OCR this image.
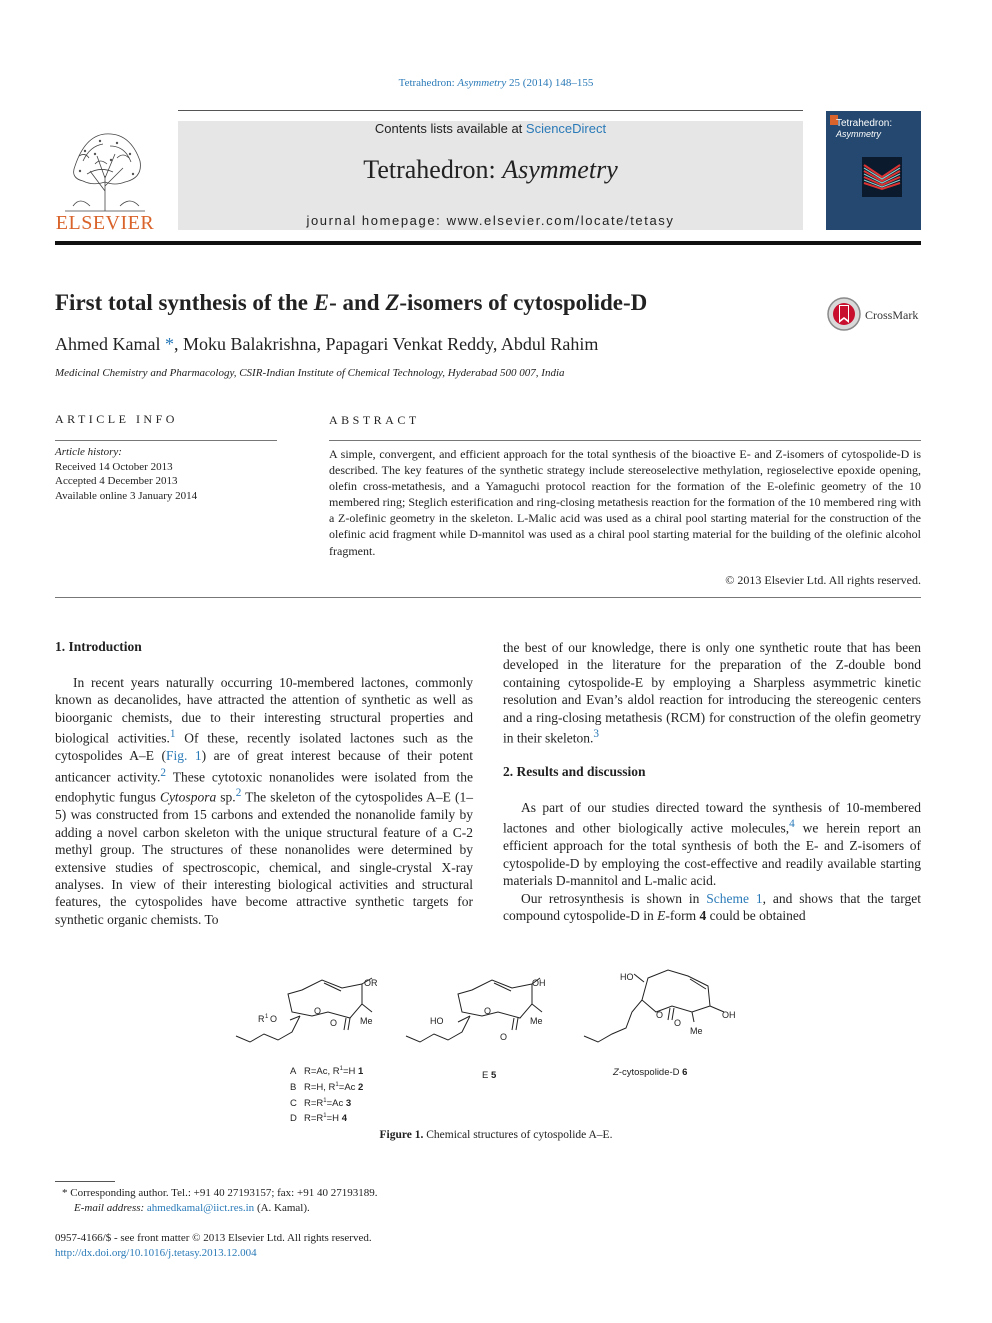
Tetrahedron: Asymmetry 25 (2014) 148–155
ELSEVIER
Contents lists available at ScienceDirect
Tetrahedron: Asymmetry
journal homepage: www.elsevier.com/locate/tetasy
Tetrahedron:
Asymmetry
First total synthesis of the E- and Z-isomers of cytospolide-D	CrossMark
Ahmed Kamal *, Moku Balakrishna, Papagari Venkat Reddy, Abdul Rahim
Medicinal Chemistry and Pharmacology, CSIR-Indian Institute of Chemical Technology, Hyderabad 500 007, India
ARTICLE INFO
Article history:
Received 14 October 2013
Accepted 4 December 2013
Available online 3 January 2014
ABSTRACT
A simple, convergent, and efficient approach for the total synthesis of the bioactive E- and Z-isomers of cytospolide-D is described. The key features of the synthetic strategy include stereoselective methylation, regioselective epoxide opening, olefin cross-metathesis, and a Yamaguchi protocol reaction for the formation of the E-olefinic geometry of the 10 membered ring; Steglich esterification and ring-closing metathesis reaction for the formation of the 10 membered ring with a Z-olefinic geometry in the skeleton. L-Malic acid was used as a chiral pool starting material for the construction of the olefinic acid fragment while D-mannitol was used as a chiral pool starting material for the building of the olefinic alcohol fragment.
© 2013 Elsevier Ltd. All rights reserved.
1. Introduction

In recent years naturally occurring 10-membered lactones, commonly known as decanolides, have attracted the attention of synthetic as well as bioorganic chemists, due to their interesting structural properties and biological activities.$^1$ Of these, recently isolated lactones such as the cytospolides A–E (Fig. 1) are of great interest because of their potent anticancer activity.$^2$ These cytotoxic nonanolides were isolated from the endophytic fungus Cytospora sp.$^2$ The skeleton of the cytospolides A–E (1–5) was constructed from 15 carbons and extended the nonanolide family by adding a novel carbon skeleton with the unique structural feature of a C-2 methyl group. The structures of these nonanolides were determined by extensive studies of spectroscopic, chemical, and single-crystal X-ray analyses. In view of their interesting biological activities and structural features, the cytospolides have become attractive synthetic targets for synthetic organic chemists. To

the best of our knowledge, there is only one synthetic route that has been developed in the literature for the preparation of the Z-double bond containing cytospolide-E by employing a Sharpless asymmetric kinetic resolution and Evan’s aldol reaction for introducing the stereogenic centers and a ring-closing metathesis (RCM) for construction of the olefin geometry in their skeleton.$^3$

2. Results and discussion

As part of our studies directed toward the synthesis of 10-membered lactones and other biologically active molecules,$^4$ we herein report an efficient approach for the total synthesis of both the E- and Z-isomers of cytospolide-D by employing the cost-effective and readily available starting materials D-mannitol and L-malic acid.

Our retrosynthesis is shown in Scheme 1, and shows that the target compound cytospolide-D in E-form 4 could be obtained

OR
R 1 O
O
O	Me
OH
HO
O
O
Me
HO
OH
O
O
Me
A R=Ac, $R^1=H$ 1
B R=H, $R^1=Ac$ 2
C $R=R^1=Ac$ 3
D $R=R^1=H$ 4
E 5	Z-cytospolide-D 6
Figure 1. Chemical structures of cytospolide A–E.
* Corresponding author. Tel.: +91 40 27193157; fax: +91 40 27193189.
E-mail address: ahmedkamal@iict.res.in (A. Kamal).
0957-4166/$ - see front matter © 2013 Elsevier Ltd. All rights reserved.
http://dx.doi.org/10.1016/j.tetasy.2013.12.004
